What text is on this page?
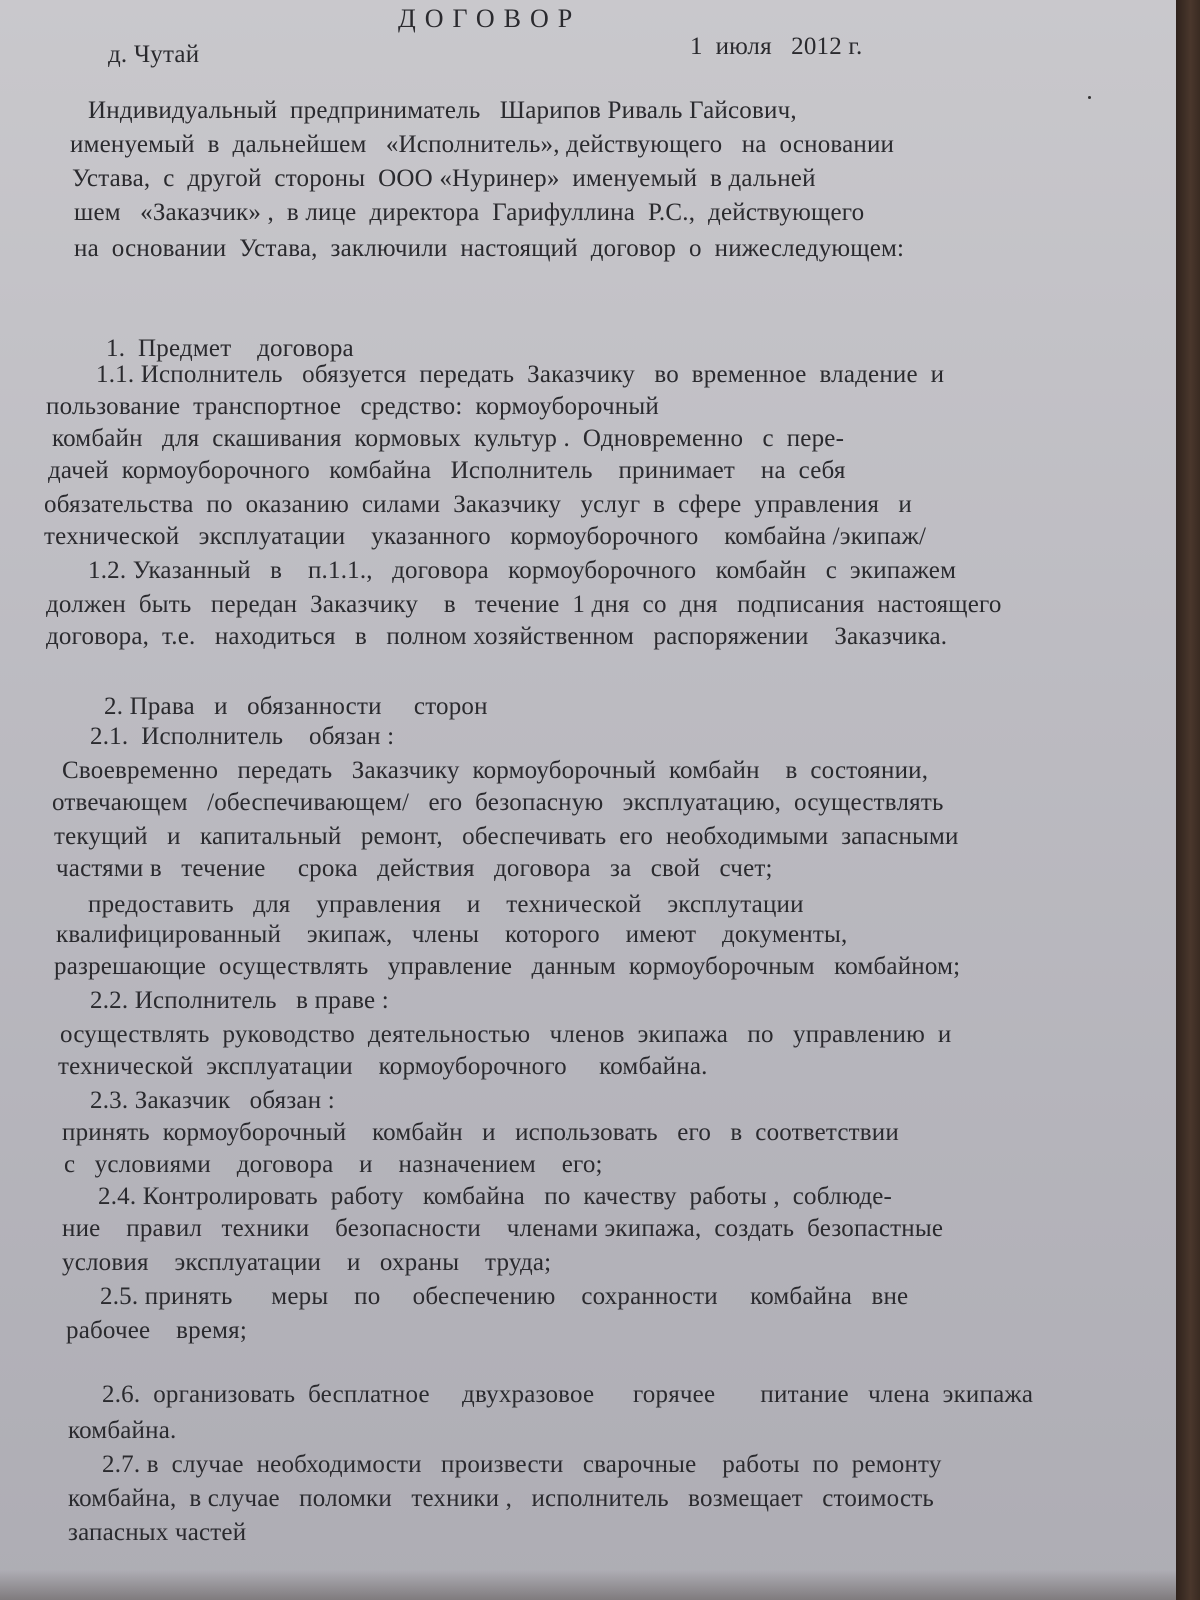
ДОГОВОР
д. Чутай	1  июля   2012 г.
Индивидуальный  предприниматель   Шарипов Риваль Гайсович,
именуемый  в  дальнейшем   «Исполнитель», действующего   на  основании
Устава,  с  другой  стороны  ООО «Нуринер»  именуемый  в дальней
шем   «Заказчик» ,  в лице  директора  Гарифуллина  Р.С.,  действующего
на  основании  Устава,  заключили  настоящий  договор  о  нижеследующем:
1.  Предмет    договора
1.1. Исполнитель   обязуется  передать  Заказчику   во  временное  владение  и
пользование  транспортное   средство:  кормоуборочный
комбайн   для  скашивания  кормовых  культур .  Одновременно   с  пере-
дачей  кормоуборочного   комбайна   Исполнитель    принимает    на  себя
обязательства  по  оказанию  силами  Заказчику   услуг  в  сфере  управления   и
технической   эксплуатации    указанного   кормоуборочного    комбайна /экипаж/
1.2. Указанный   в    п.1.1.,   договора   кормоуборочного   комбайн   с  экипажем
должен  быть   передан  Заказчику    в   течение  1 дня  со  дня   подписания  настоящего
договора,  т.е.   находиться   в   полном хозяйственном   распоряжении    Заказчика.
2. Права   и   обязанности     сторон
2.1.  Исполнитель    обязан :
Своевременно   передать   Заказчику  кормоуборочный  комбайн    в  состоянии,
отвечающем   /обеспечивающем/   его  безопасную   эксплуатацию,  осуществлять
текущий   и   капитальный   ремонт,   обеспечивать  его  необходимыми  запасными
частями в   течение     срока   действия   договора   за   свой   счет;
предоставить   для    управления    и    технической    эксплутации
квалифицированный    экипаж,   члены    которого    имеют    документы,
разрешающие  осуществлять   управление   данным  кормоуборочным   комбайном;
2.2. Исполнитель   в праве :
осуществлять  руководство  деятельностью   членов  экипажа   по   управлению  и
технической  эксплуатации    кормоуборочного     комбайна.
2.3. Заказчик   обязан :
принять  кормоуборочный    комбайн   и   использовать   его   в  соответствии
с   условиями    договора    и    назначением    его;
2.4. Контролировать  работу   комбайна   по  качеству  работы ,  соблюде-
ние    правил   техники    безопасности    членами экипажа,  создать  безопастные
условия    эксплуатации    и   охраны    труда;
2.5. принять      меры    по     обеспечению    сохранности     комбайна   вне
рабочее    время;
2.6.  организовать  бесплатное     двухразовое      горячее       питание   члена  экипажа
комбайна.
2.7. в  случае  необходимости   произвести   сварочные    работы  по  ремонту
комбайна,  в случае   поломки   техники ,   исполнитель   возмещает   стоимость
запасных частей
